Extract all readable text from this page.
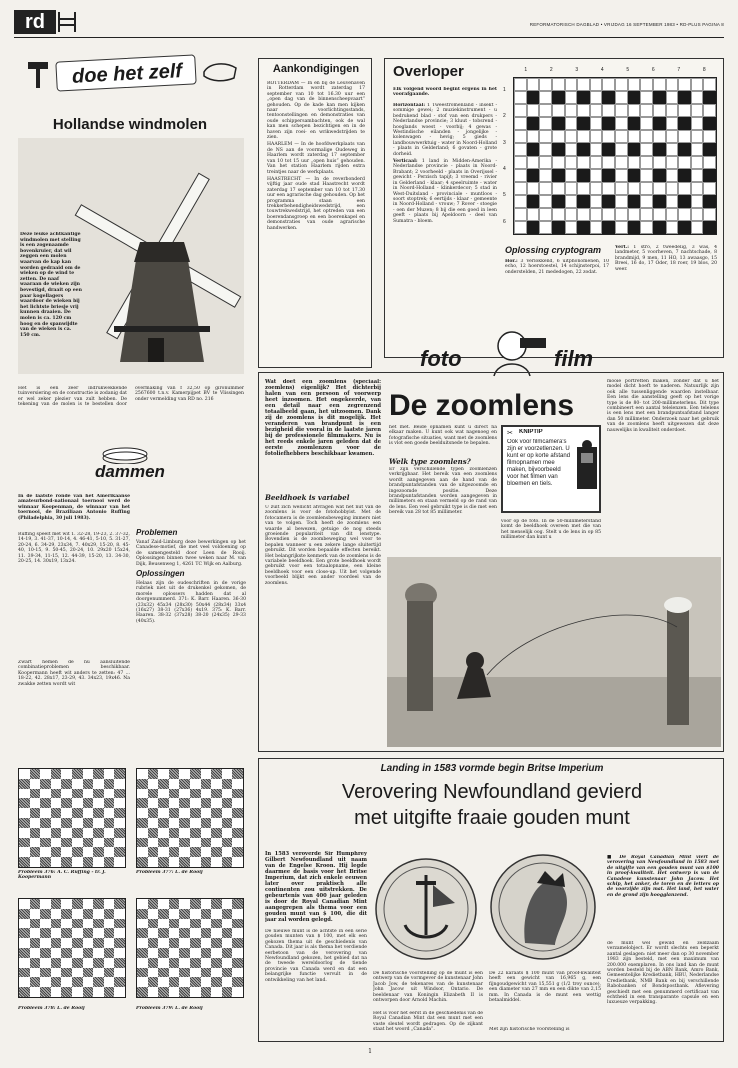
rd	REFORMATORISCH DAGBLAD • VRIJDAG 16 SEPTEMBER 1983 • RD-PLUS PAGINA 8
doe het zelf
Hollandse windmolen
Deze leuke achtkantige windmolen met stelling is een zogenaamde bovenkruier, dat wil zeggen een molen waarvan de kap kan worden gedraaid om de wieken op de wind te zetten. De naaf waaraan de wieken zijn bevestigd, draait op een paar kogellagers waardoor de wieken bij het lichtste briesje vrij kunnen draaien. De molen is ca. 120 cm hoog en de spanwijdte van de wieken is ca. 150 cm.
Het is een zeer indrukwekkende tuinversiering en de constructie is zodanig dat er wel zeker plezier van zult hebben. De tekening van de molen is te bestellen door overmaking van f 32,50 op gironummer 2567600 t.n.v. Kamerpijpet BV te Vlissingen onder vermelding van RD no. 216
Aankondigingen

ROTTERDAM — In en bij de Leuvehaven in Rotterdam wordt zaterdag 17 september van 10 tot 16.30 uur een „open dag van de binnenscheepvaart” gehouden. Op de kade kan men kijken naar voorlichtingsstands, tentoonstellingen en demonstraties van oude schippersambachten, ook de wal kan men schepen bezichtigen en in de haven zijn roei- en wrikwedstrijden te zien.

HAARLEM — In de hoofdwerkplaats van de NS aan de voormalige Oudeweg in Haarlem wordt zaterdag 17 september van 10 tot 15 uur „open huis” gehouden. Van het station Haarlem rijden extra treintjes naar de werkplaats.

HAASTRECHT — In de reverbonderd vijftig jaar oude stad Haastrecht wordt zaterdag 17 september van 10 tot 17.30 uur een agrarische dag gehouden. Op het programma staan een trekkerbehendigheidswedstrijd, een touwtrekwedstrijd, het optreden van een boerendansgroep en een boerenkapel en demonstraties van oude agrarische handwerken.

Overloper
Elk volgend woord begint ergens in het voorafgaande.

Horizontaal: 1 Tweestromenland - insekt - sommige gewei; 2 muziekinstrument - u bedrukend blad - stof van een drukpers - Nederlandse provincie; 3 kluut - tobsrend - hooglands woest - voorbij; 4 gewas - Westindische eilanden - jongelijke - kolenwagen - hevig; 5 gieds - landbouwwerktuig - water in Noord-Holland - plaats in Gelderland; 6 govaten - grote dorheid.

Verticaal: 1 land in Midden-Amerika - Nederlandse provincie - plaats in Noord-Brabant; 2 voorheeld - plaats in Overijssel - gewicht - Perzisch tapijt; 3 vreemd - rivier in Gelderland - klaar; 4 speelruimte - water in Noord-Holland - klinkerdecor; 5 stad in West-Duitsland - provinciale - muntloos - soort stoptrek; 6 eertijds - klaar - gemeente in Noord-Holland - vrouw; 7 Rover - stoegie - oen der Muzen; 8 bij die een goed in leen geeft - plaats bij Apeldoorn - deel van Sumatra - bloem.

1	2	3	4	5	6	7	8
1
2
3
4
5
6
Oplossing cryptogram
Hor.: 3 Verlokkend, 6 uitphonomenen, 10 echo, 12 hoerstoestel, 14 schijnsterpoi, 17 onderstelden, 21 mededogen, 22 zodat.
Vert.: 1 stro, 2 tweedelig, 3 was, 4 landmeter, 5 voorheven, 7 nachtschade, 8 brandmijd, 9 men, 11 HO, 13 awaasgo, 15 Breei, 16 do, 17 Oder, 18 roer, 19 blos, 20 weer.
foto	film
dammen
In de laatste ronde van het Amerikaanse amateurbond-nationaal toernooi werd de winnaar Koopenman, de winnaar van het toernooi, de Braziliaan Antonio Ruffing (Philadelphia, 30 juli 1983).
Ruffing speelt met wit 1. 32-28, 19-23, 2. 37-32, 14-19, 3. 41-37, 10-14, 4. 46-41, 5-10, 5. 31-27, 20-24, 6. 34-29, 23x34, 7. 40x29, 15-20, 8. 45-40, 10-15, 9. 50-45, 20-24, 10. 29x20 15x24, 11. 39-34, 11-15, 12. 44-39, 15-20, 13. 34-30, 20-25, 14. 30x19, 13x24.
Zwart hemen de nu aansluitende combinatieproblemen beschikbaar. Koopermann heeft wit anders te zetten: 47 ... 18-22, 42. 28x17, 23-29, 43. 34x23, 19x46. Na zwakke zetten wordt wit

Problemen

Vanaf Zaid-Limburg deze bewerkingen op het Canadese-motief, die met veel voldoening op de samengesteld door Leen de Rooij. Oplossingen binnen twee weken naar M. van Dijk, Beusenweg 1, 4261 TC Wijk en Aalburg.

Oplossingen

Helaas zijn de oudeschriften in de vorige rubriek niet uit de drukenkel gekomen, de morele oplossers hadden dat al doorgenummerd. 371: K. Barr. Haaren. 36-30 (23x32) 45x34 (28x30) 50x44 (28x34) 33x4 (16x27) 38-31 (27x36) 4x19. 375: K. Barr. Haaren. 38-32 (37x28) 38-20 (24x35) 29-33 (40x35).

Probleem 376: A. C. Ruffing - tr. J. Koopermann
Probleem 377: L. de Rooij
Probleem 378: L. de Rooij	Probleem 379: L. de Rooij
Wat doet een zoomlens (speciaal: zoemlens) eigenlijk? Het dichterbij halen van een persoon of voorwerp heet inzoomen. Het ongekeerde, van een detail naar een zegrenzend totaalbeeld gaan, het uitzoomen. Dank zij de zoomlens is dit mogelijk. Het veranderen van brandpunt is een bezigheid die vooral in de laatste jaren bij de professionele filmmakers. Nu is het reeds enkele jaren geleden dat de eerste zoomlenzen voor de fotoliefhebbers beschikbaar kwamen.
Beeldhoek is variabel
U zult zich wellicht afvragen wat het nut van de zoomlens is voor de fotohobbyist. Met de fotocamera is de zoomlensbeweging immers niet van te volgen. Toch heeft de zoomlens een waarde al bewezen, getuige de nog steeds groeiende populariteit van dit lenstype. Bovendien is de zoombeweging wel voor te bepalen wanneer u een zekere lange sluitertijd gebruikt. Dit worden bepaalde effecten bereikt. Het belangrijkste kenmerk van de zoomlens is de variabele beeldhoek. Een grote beeldhoek wordt gebruikt voor een totaalopname, een kleine beeldhoek voor een close-up. Uit het volgende voorbeeld blijkt een ander voordeel van de zoomlens.
De zoomlens
het met. Beide opnamen kunt u direct na elkaar maken. U kunt ook wat nagenoeg en fotografische situaties, want met de zoomlens is vlot een goede beelduitsnede te bepalen.
Welk type zoomlens?
Er zijn verschillende typen zoomlenzen verkrijgbaar. Het bereik van een zoomlens wordt aangegeven aan de hand van de brandpuntafstanden van de uitgezoomde en ingezoomde positie. Deze brandpuntafstanden worden aangegeven in millimeters en staan vermeld op de rand van de lens. Een veel gebruikt type is die met een bereik van 28 tot 85 millimeter.
✂	KNIPTIP
Ook voor filmcamera's zijn er voorzetlenzen. U kunt er op korte afstand filmopnamen mee maken, bijvoorbeeld voor het filmen van bloemen en tiels.
voor op de foto. In de 50-millimeterstand komt de beeldhoek overeen met die van het menselijk oog. Stelt u de lens in op 85 millimeter dan kunt u
mooie portretten maken, zonder dat u het model dicht hoeft te naderen. Natuurlijk zijn ook alle tussenliggende waarden instelbaar. Een lens die aanstelling geeft op het vorige type is de 80- tot 200-millimeterlens. Dit type combineert een aantal telelenzen. Een telelens is een lens met een brandpuntsafstand langer dan 50 millimeter. Onderzoek naar het gebruik van de zoomlens heeft uitgewezen dat deze nauwelijks in kwaliteit onderdoet.
Landing in 1583 vormde begin Britse Imperium
Verovering Newfoundland gevierd
met uitgifte fraaie gouden munt
In 1583 veroverde Sir Humphrey Gilbert Newfoundland uit naam van de Engelse Kroon. Hij legde daarmee de basis voor het Britse Imperium, dat zich enkele eeuwen later over praktisch alle continenten zou uitstrekken. De gebeurtenis van 400 jaar geleden is door de Royal Canadian Mint aangegrepen als thema voor een gouden munt van $ 100, die dit jaar zal worden gelegd.
De nieuwe munt is de achtste in een serie gouden munten van $ 100, met elk een gekozen thema uit de geschiedenis van Canada. Dit jaar is als thema het verdiende eerbetoon van de verovering van Newfoundland gekozen, het gebied dat na de tweede wereldoorlog de tiende provincie van Canada werd en dat een belangrijke functie vervult in de ontwikkeling van het land.
De historische voorstelling op de munt is een ontwerp van de vormgever de kunstenaar John Jacob Jow, de tekenares van de kunstenaar John Jacow uit Windsor, Ontario. De beeldenaar van Koningin Elizabeth II is ontworpen door Arnold Machin.
De 22 karaats $ 100 munt van proof-kwaliteit heeft een gewicht van 16,965 g, een fijngoudgewicht van 15,551 g (1/2 troy ounce), een diameter van 27 mm en een dikte van 2,15 mm. In Canada is de munt een wettig betaalmiddel.
Het is voor het eerst in de geschiedenis van de Royal Canadian Mint dat een munt met een vaste sleutel wordt gedragen. Op de zijkant staat het woord „Canada”.	Met zijn historische voorstelling is
■ De Royal Canadian Mint viert de verovering van Newfoundland in 1583 met de uitgifte van een gouden munt van $100 in proof-kwaliteit. Het ontwerp is van de Canadese kunstenaar John Jacow. Het schip, het anker, de toren en de letters op de voorzijde zijn mat. Het land, het water en de grond zijn hoogglanzend.
de munt wel gewild en zeldzaam verzamelobject. Er wordt slechts een beperkt aantal geslagen: niet meer dan op 30 november 1983 zijn besteld, met een maximum van 200.000 exemplaren. In ons land kan de munt worden besteld bij de ABN Bank, Amro Bank, Gemeentelijke Kredietbank, HBU, Nederlandse Credietbank, NMB Bank en bij verschillende Rabobanken of Bondspostbank. Aflevering geschiedt met een genummerd certificaat van echtheid in een transparante capsule en een luxueuze verpakking.
1
